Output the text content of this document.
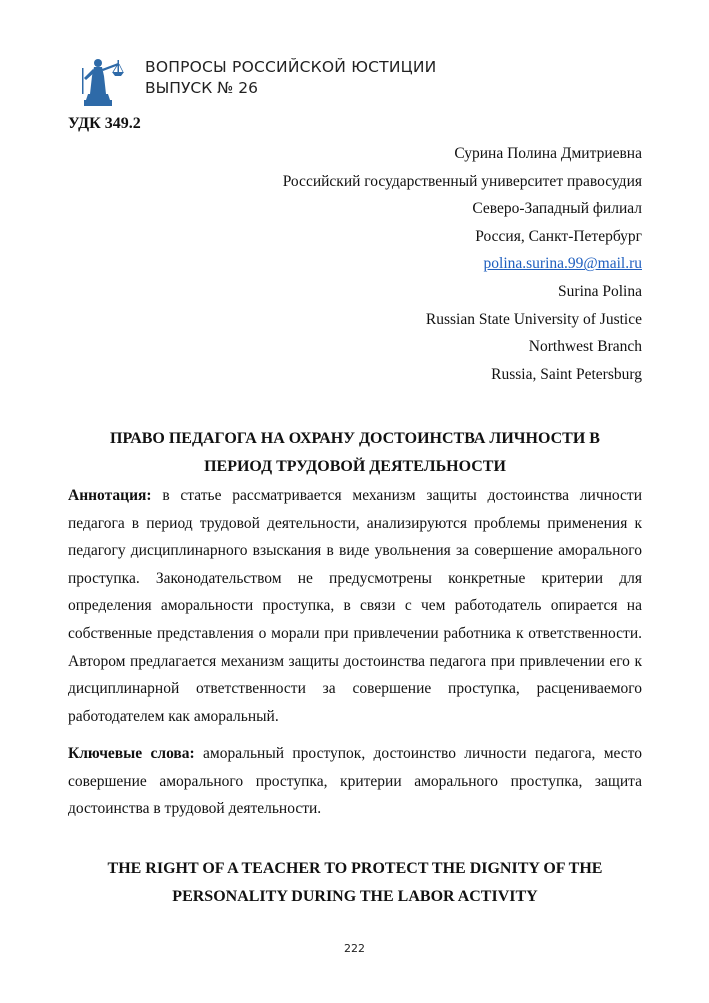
ВОПРОСЫ РОССИЙСКОЙ ЮСТИЦИИ
ВЫПУСК № 26
УДК 349.2
Сурина Полина Дмитриевна
Российский государственный университет правосудия
Северо-Западный филиал
Россия, Санкт-Петербург
polina.surina.99@mail.ru
Surina Polina
Russian State University of Justice
Northwest Branch
Russia, Saint Petersburg
ПРАВО ПЕДАГОГА НА ОХРАНУ ДОСТОИНСТВА ЛИЧНОСТИ В
ПЕРИОД ТРУДОВОЙ ДЕЯТЕЛЬНОСТИ
Аннотация: в статье рассматривается механизм защиты достоинства личности педагога в период трудовой деятельности, анализируются проблемы применения к педагогу дисциплинарного взыскания в виде увольнения за совершение аморального проступка. Законодательством не предусмотрены конкретные критерии для определения аморальности проступка, в связи с чем работодатель опирается на собственные представления о морали при привлечении работника к ответственности. Автором предлагается механизм защиты достоинства педагога при привлечении его к дисциплинарной ответственности за совершение проступка, расцениваемого работодателем как аморальный.
Ключевые слова: аморальный проступок, достоинство личности педагога, место совершение аморального проступка, критерии аморального проступка, защита достоинства в трудовой деятельности.
THE RIGHT OF A TEACHER TO PROTECT THE DIGNITY OF THE
PERSONALITY DURING THE LABOR ACTIVITY
222
